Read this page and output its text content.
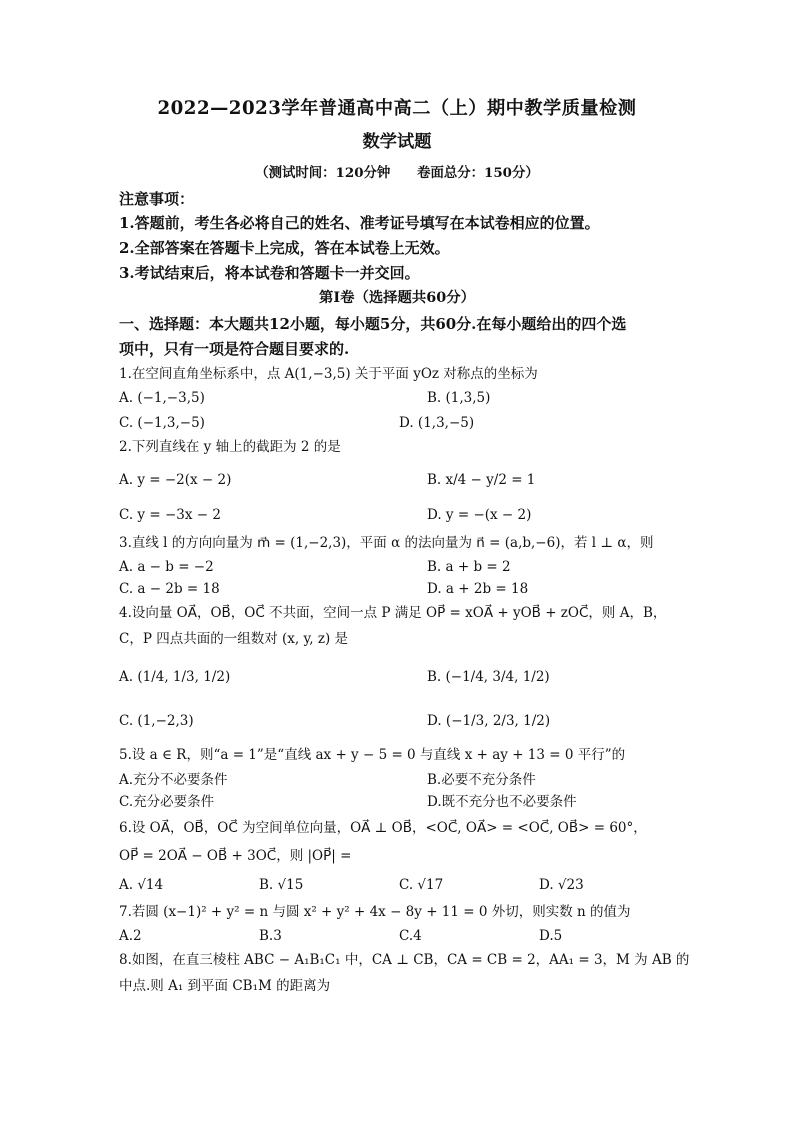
2022—2023学年普通高中高二（上）期中教学质量检测
数学试题
（测试时间：120分钟　　卷面总分：150分）
注意事项：
1.答题前，考生各必将自己的姓名、准考证号填写在本试卷相应的位置。
2.全部答案在答题卡上完成，答在本试卷上无效。
3.考试结束后，将本试卷和答题卡一并交回。
第I卷（选择题共60分）
一、选择题：本大题共12小题，每小题5分，共60分.在每小题给出的四个选
项中，只有一项是符合题目要求的.
1.在空间直角坐标系中，点 A(1,−3,5) 关于平面 yOz 对称点的坐标为
A. (−1,−3,5)	B. (1,3,5)
C. (−1,3,−5)	D. (1,3,−5)
2.下列直线在 y 轴上的截距为 2 的是
A. y = −2(x − 2)	B. x/4 − y/2 = 1
C. y = −3x − 2	D. y = −(x − 2)
3.直线 l 的方向向量为 m⃗ = (1,−2,3)，平面 α 的法向量为 n⃗ = (a,b,−6)，若 l ⊥ α，则
A. a − b = −2	B. a + b = 2
C. a − 2b = 18	D. a + 2b = 18
4.设向量 OA⃗，OB⃗，OC⃗ 不共面，空间一点 P 满足 OP⃗ = xOA⃗ + yOB⃗ + zOC⃗，则 A，B，
C，P 四点共面的一组数对 (x, y, z) 是
A. (1/4, 1/3, 1/2)	B. (−1/4, 3/4, 1/2)
C. (1,−2,3)	D. (−1/3, 2/3, 1/2)
5.设 a ∈ R，则“a = 1”是“直线 ax + y − 5 = 0 与直线 x + ay + 13 = 0 平行”的
A.充分不必要条件	B.必要不充分条件
C.充分必要条件	D.既不充分也不必要条件
6.设 OA⃗，OB⃗，OC⃗ 为空间单位向量，OA⃗ ⊥ OB⃗，<OC⃗, OA⃗> = <OC⃗, OB⃗> = 60°，
OP⃗ = 2OA⃗ − OB⃗ + 3OC⃗，则 |OP⃗| =
A. √14	B. √15	C. √17	D. √23
7.若圆 (x−1)² + y² = n 与圆 x² + y² + 4x − 8y + 11 = 0 外切，则实数 n 的值为
A.2	B.3	C.4	D.5
8.如图，在直三棱柱 ABC − A₁B₁C₁ 中，CA ⊥ CB，CA = CB = 2，AA₁ = 3，M 为 AB 的
中点.则 A₁ 到平面 CB₁M 的距离为
